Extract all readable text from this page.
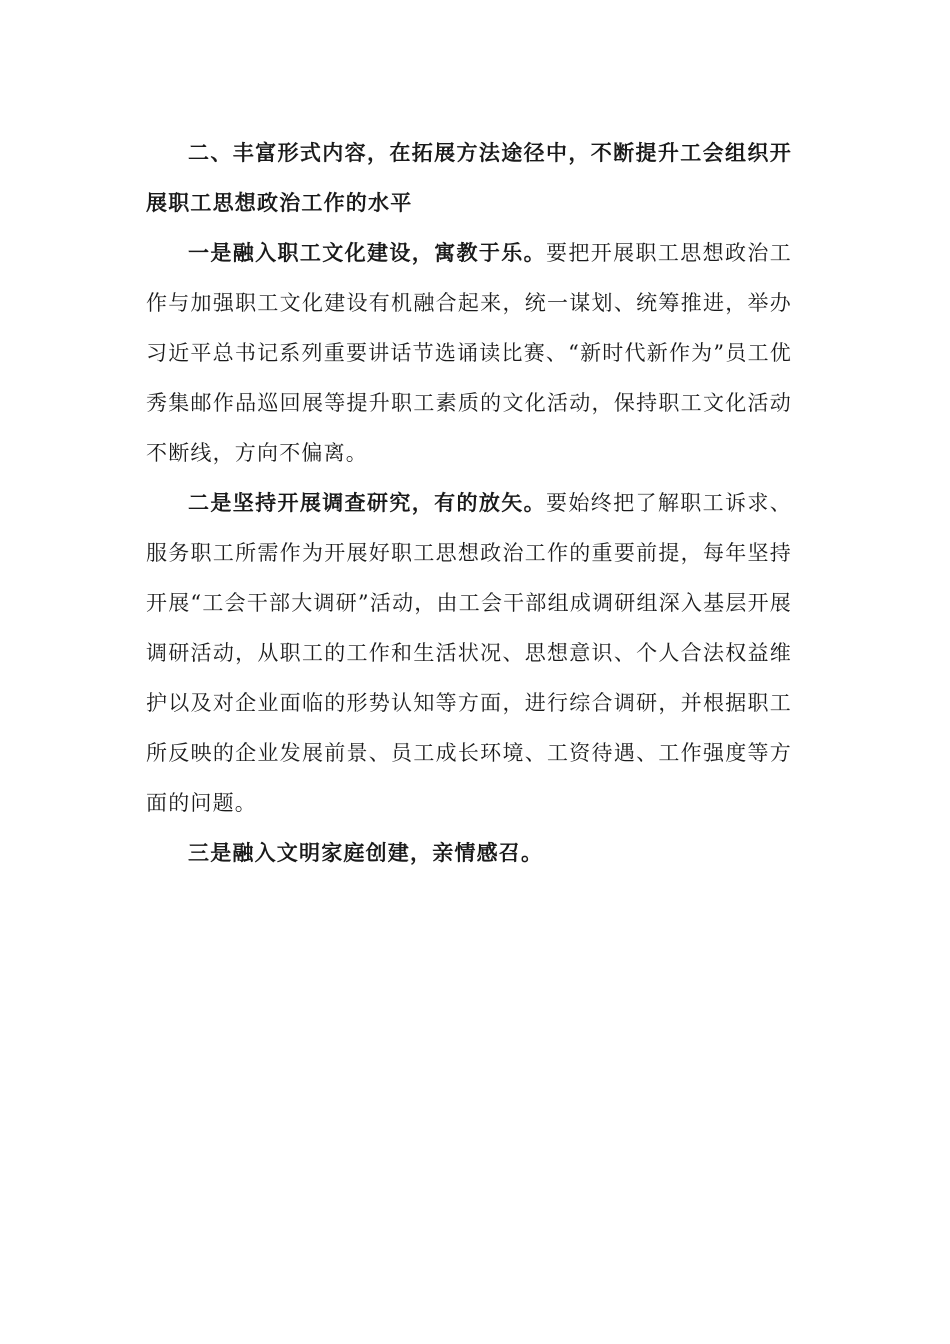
二、丰富形式内容，在拓展方法途径中，不断提升工会组织开展职工思想政治工作的水平

一是融入职工文化建设，寓教于乐。要把开展职工思想政治工作与加强职工文化建设有机融合起来，统一谋划、统筹推进，举办习近平总书记系列重要讲话节选诵读比赛、“新时代新作为”员工优秀集邮作品巡回展等提升职工素质的文化活动，保持职工文化活动不断线，方向不偏离。

二是坚持开展调查研究，有的放矢。要始终把了解职工诉求、服务职工所需作为开展好职工思想政治工作的重要前提，每年坚持开展“工会干部大调研”活动，由工会干部组成调研组深入基层开展调研活动，从职工的工作和生活状况、思想意识、个人合法权益维护以及对企业面临的形势认知等方面，进行综合调研，并根据职工所反映的企业发展前景、员工成长环境、工资待遇、工作强度等方面的问题。

三是融入文明家庭创建，亲情感召。
